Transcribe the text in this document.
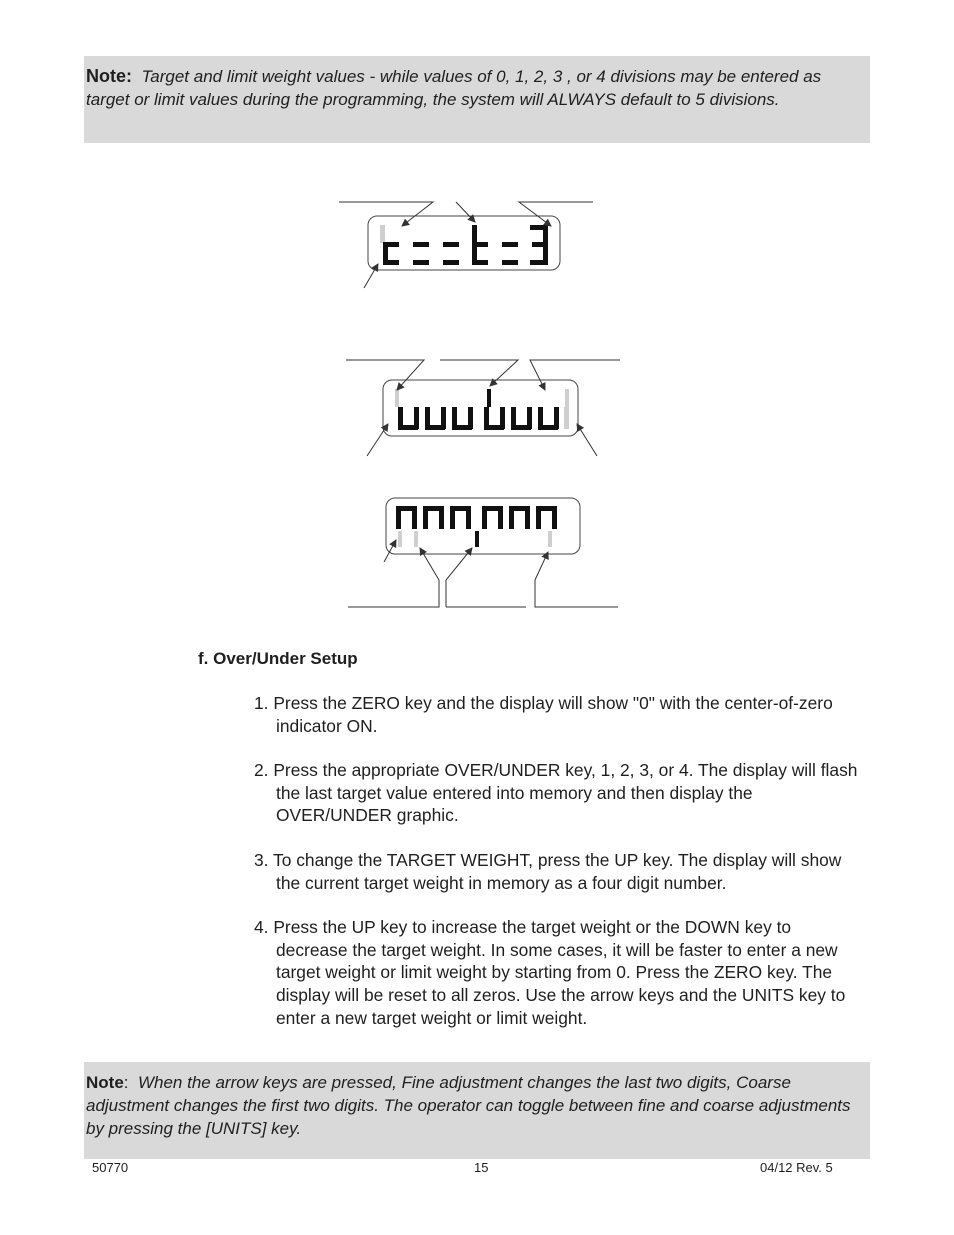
Note: Target and limit weight values - while values of 0, 1, 2, 3 , or 4 divisions may be entered as target or limit values during the programming, the system will ALWAYS default to 5 divisions.
f. Over/Under Setup
1. Press the ZERO key and the display will show "0" with the center-of-zero indicator ON.
2. Press the appropriate OVER/UNDER key, 1, 2, 3, or 4. The display will flash the last target value entered into memory and then display the OVER/UNDER graphic.
3. To change the TARGET WEIGHT, press the UP key. The display will show the current target weight in memory as a four digit number.
4. Press the UP key to increase the target weight or the DOWN key to decrease the target weight. In some cases, it will be faster to enter a new target weight or limit weight by starting from 0. Press the ZERO key. The display will be reset to all zeros. Use the arrow keys and the UNITS key to enter a new target weight or limit weight.
Note: When the arrow keys are pressed, Fine adjustment changes the last two digits, Coarse adjustment changes the first two digits. The operator can toggle between fine and coarse adjustments by pressing the [UNITS] key.
50770	15	04/12 Rev. 5
